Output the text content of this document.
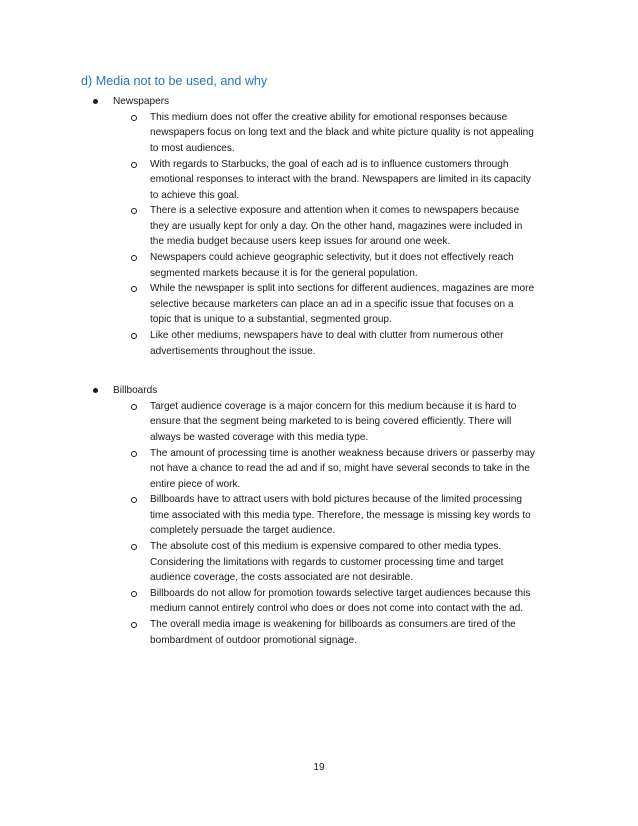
d) Media not to be used, and why
Newspapers
This medium does not offer the creative ability for emotional responses because newspapers focus on long text and the black and white picture quality is not appealing to most audiences.
With regards to Starbucks, the goal of each ad is to influence customers through emotional responses to interact with the brand. Newspapers are limited in its capacity to achieve this goal.
There is a selective exposure and attention when it comes to newspapers because they are usually kept for only a day. On the other hand, magazines were included in the media budget because users keep issues for around one week.
Newspapers could achieve geographic selectivity, but it does not effectively reach segmented markets because it is for the general population.
While the newspaper is split into sections for different audiences, magazines are more selective because marketers can place an ad in a specific issue that focuses on a topic that is unique to a substantial, segmented group.
Like other mediums, newspapers have to deal with clutter from numerous other advertisements throughout the issue.
Billboards
Target audience coverage is a major concern for this medium because it is hard to ensure that the segment being marketed to is being covered efficiently. There will always be wasted coverage with this media type.
The amount of processing time is another weakness because drivers or passerby may not have a chance to read the ad and if so, might have several seconds to take in the entire piece of work.
Billboards have to attract users with bold pictures because of the limited processing time associated with this media type. Therefore, the message is missing key words to completely persuade the target audience.
The absolute cost of this medium is expensive compared to other media types. Considering the limitations with regards to customer processing time and target audience coverage, the costs associated are not desirable.
Billboards do not allow for promotion towards selective target audiences because this medium cannot entirely control who does or does not come into contact with the ad.
The overall media image is weakening for billboards as consumers are tired of the bombardment of outdoor promotional signage.
19
